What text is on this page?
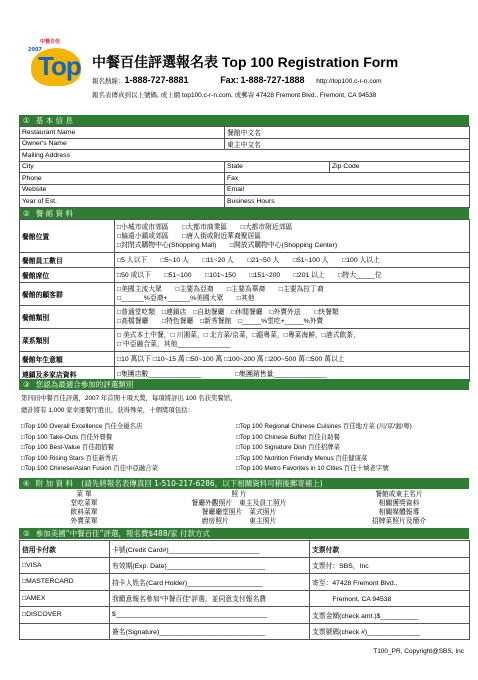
中餐百佳
2007
Top 中餐百佳評選報名表 Top 100 Registration Form
報名熱線：1-888-727-8881	Fax: 1-888-727-1888 http://top100.c-r-n.com
報名表傳真到以上號碼, 或上網 top100.c-r-n.com, 或郵寄 47428 Fremont Blvd., Fremont, CA 94538
① 基 本 信 息
Restaurant Name	餐館中文名	
Owner's Name	東主中文名	
Mailing Address		
City	State	Zip Code
Phone	Fax	
Website	Email	
Year of Est.	Business Hours	
② 餐 館 資 料
餐館位置	□小城市或市郊區　　□大都市商業區　　□大都市附近郊區
□偏遠小鎮或郊區　　□唐人街或附近華裔聚居區
□封閉式購物中心(Shopping Mall)　　□開放式購物中心(Shopping Center)
餐館員工數目	□5 人以下　　□5~10 人　　□11~20 人　　□21~50 人　　□51~100 人　　□100 人以上
餐館席位	□50 或以下　　□51~100　　□101~150　　□151~200　　□201 以上　　□特大_____位
餐館的顧客群	□美國主流大眾　　□主要為亞裔　　□主要為華裔　　□主要為拉丁裔
□______%亞裔+______%美國大眾　　□其他
餐館類別	□普通堂吃類　□連鎖店　□自助餐廳　□休閒餐廳　□外賣外送　　□快餐類
□高檔餐廳　　□特色餐廳　□新秀餐館　□_____%堂吃+_____%外賣
菜系類別	□ 美式本土中餐，□ 川湘菜，□ 北方菜/京菜，□滬粵菜，□粵菜海鮮，□港式飲茶，
□ 中亞融合菜，其他______________
餐館年生意額	□10 萬以下 □10~15 萬 □50~100 萬 □100~200 萬 □200~500 萬 □500 萬以上
連鎖及多家店資料	□集團店數______________　　　　　□集團銷售量______________
③ 您認為最適合參加的評選類別
第四屆中餐百佳評選，2007 年首開十項大獎，每項將評出 100 名获奖餐馆，
總計將有 1,000 家幸運餐厅胜出，获得殊荣，十個獎項包括：
□Top 100 Overall Excellence 百佳全優名店	□Top 100 Regional Chinese Cuisines 百佳地方菜 (川/京/滬/粵)
□Top 100 Take-Outs 百佳外賣餐	□Top 100 Chinese Buffet 百佳自助餐
□Top 100 Best-Value 百佳超值餐	□Top 100 Signature Dish 百佳招牌菜
□Top 100 Rising Stars 百佳新秀店	□Top 100 Nutrition Friendly Menus 百佳健康菜
□Top 100 Chinese/Asian Fusion 百佳中亞融合菜	□Top 100 Metro Favorites in 10 Cities 百佳十城老字號
④ 附 加 資 料 (請先將報名表傳真回 1-510-217-6286，以下相關資料可稍後郵寄補上)
菜 單	照 片	餐館或東主名片
堂吃菜單	餐廳外觀照片　東主及員工照片	相關獲獎資料
飲料菜單	餐廳廳堂照片　菜式照片	相關媒體報導
外賣菜單	廚房照片　　　東主照片	招牌菜照片及簡介
⑤ 參加美國“中餐百佳”評選，報名費$488/家 付款方式
信用卡付款	卡號(Credit Card#)________________________	支票付款
□VISA	有效期(Exp. Date)__________________________	支票付：SBS，Inc
□MASTERCARD	持卡人姓名(Card Holder)____________________	寄至：47428 Fremont Blvd.,
□AMEX	我願意報名參加“中餐百佳”評選，並同意支付報名費	　　　Fremont, CA 94538
□DISCOVER	$________________________________________	支票金額(check amt.)$__________
	簽名(Signature)____________________________	支票號碼(check #)______________
T100_PR, Copyright@SBS, Inc
